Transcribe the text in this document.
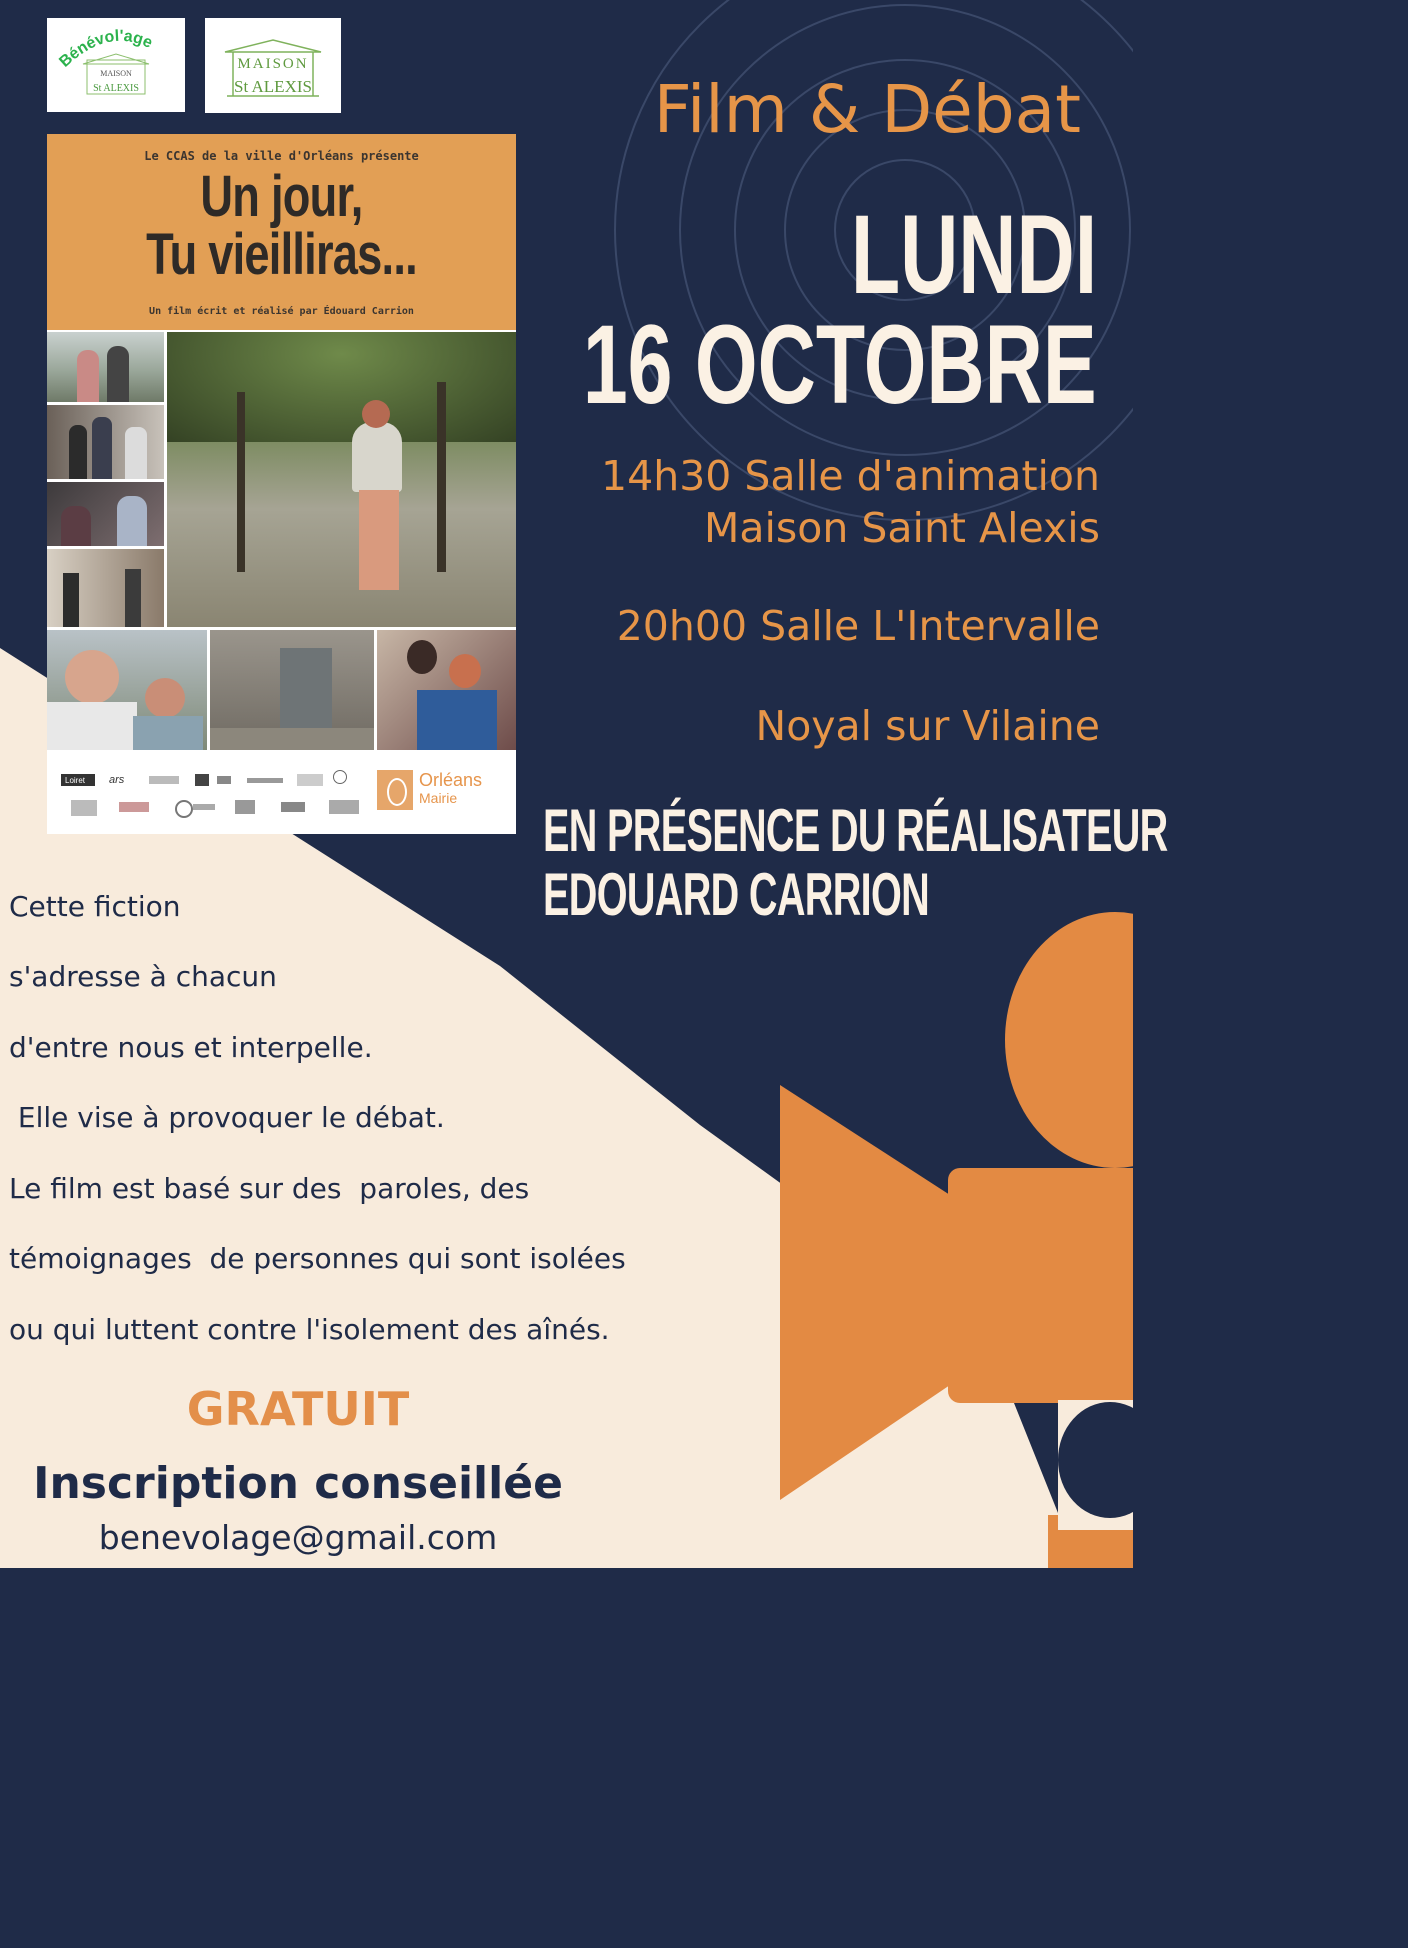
Bénévol'age
MAISON
St ALEXIS
MAISON
St ALEXIS
Le CCAS de la ville d'Orléans présente
Un jour,
Tu vieilliras...
Un film écrit et réalisé par Édouard Carrion
Loiret ars	Orléans
Mairie
Film & Débat
LUNDI
16 OCTOBRE
14h30 Salle d'animation
Maison Saint Alexis
20h00 Salle L'Intervalle
Noyal sur Vilaine
EN PRÉSENCE DU RÉALISATEUR
EDOUARD CARRION
Cette fiction
s'adresse à chacun
d'entre nous et interpelle.
Elle vise à provoquer le débat.
Le film est basé sur des  paroles, des
témoignages  de personnes qui sont isolées
ou qui luttent contre l'isolement des aînés.
GRATUIT
Inscription conseillée
benevolage@gmail.com
